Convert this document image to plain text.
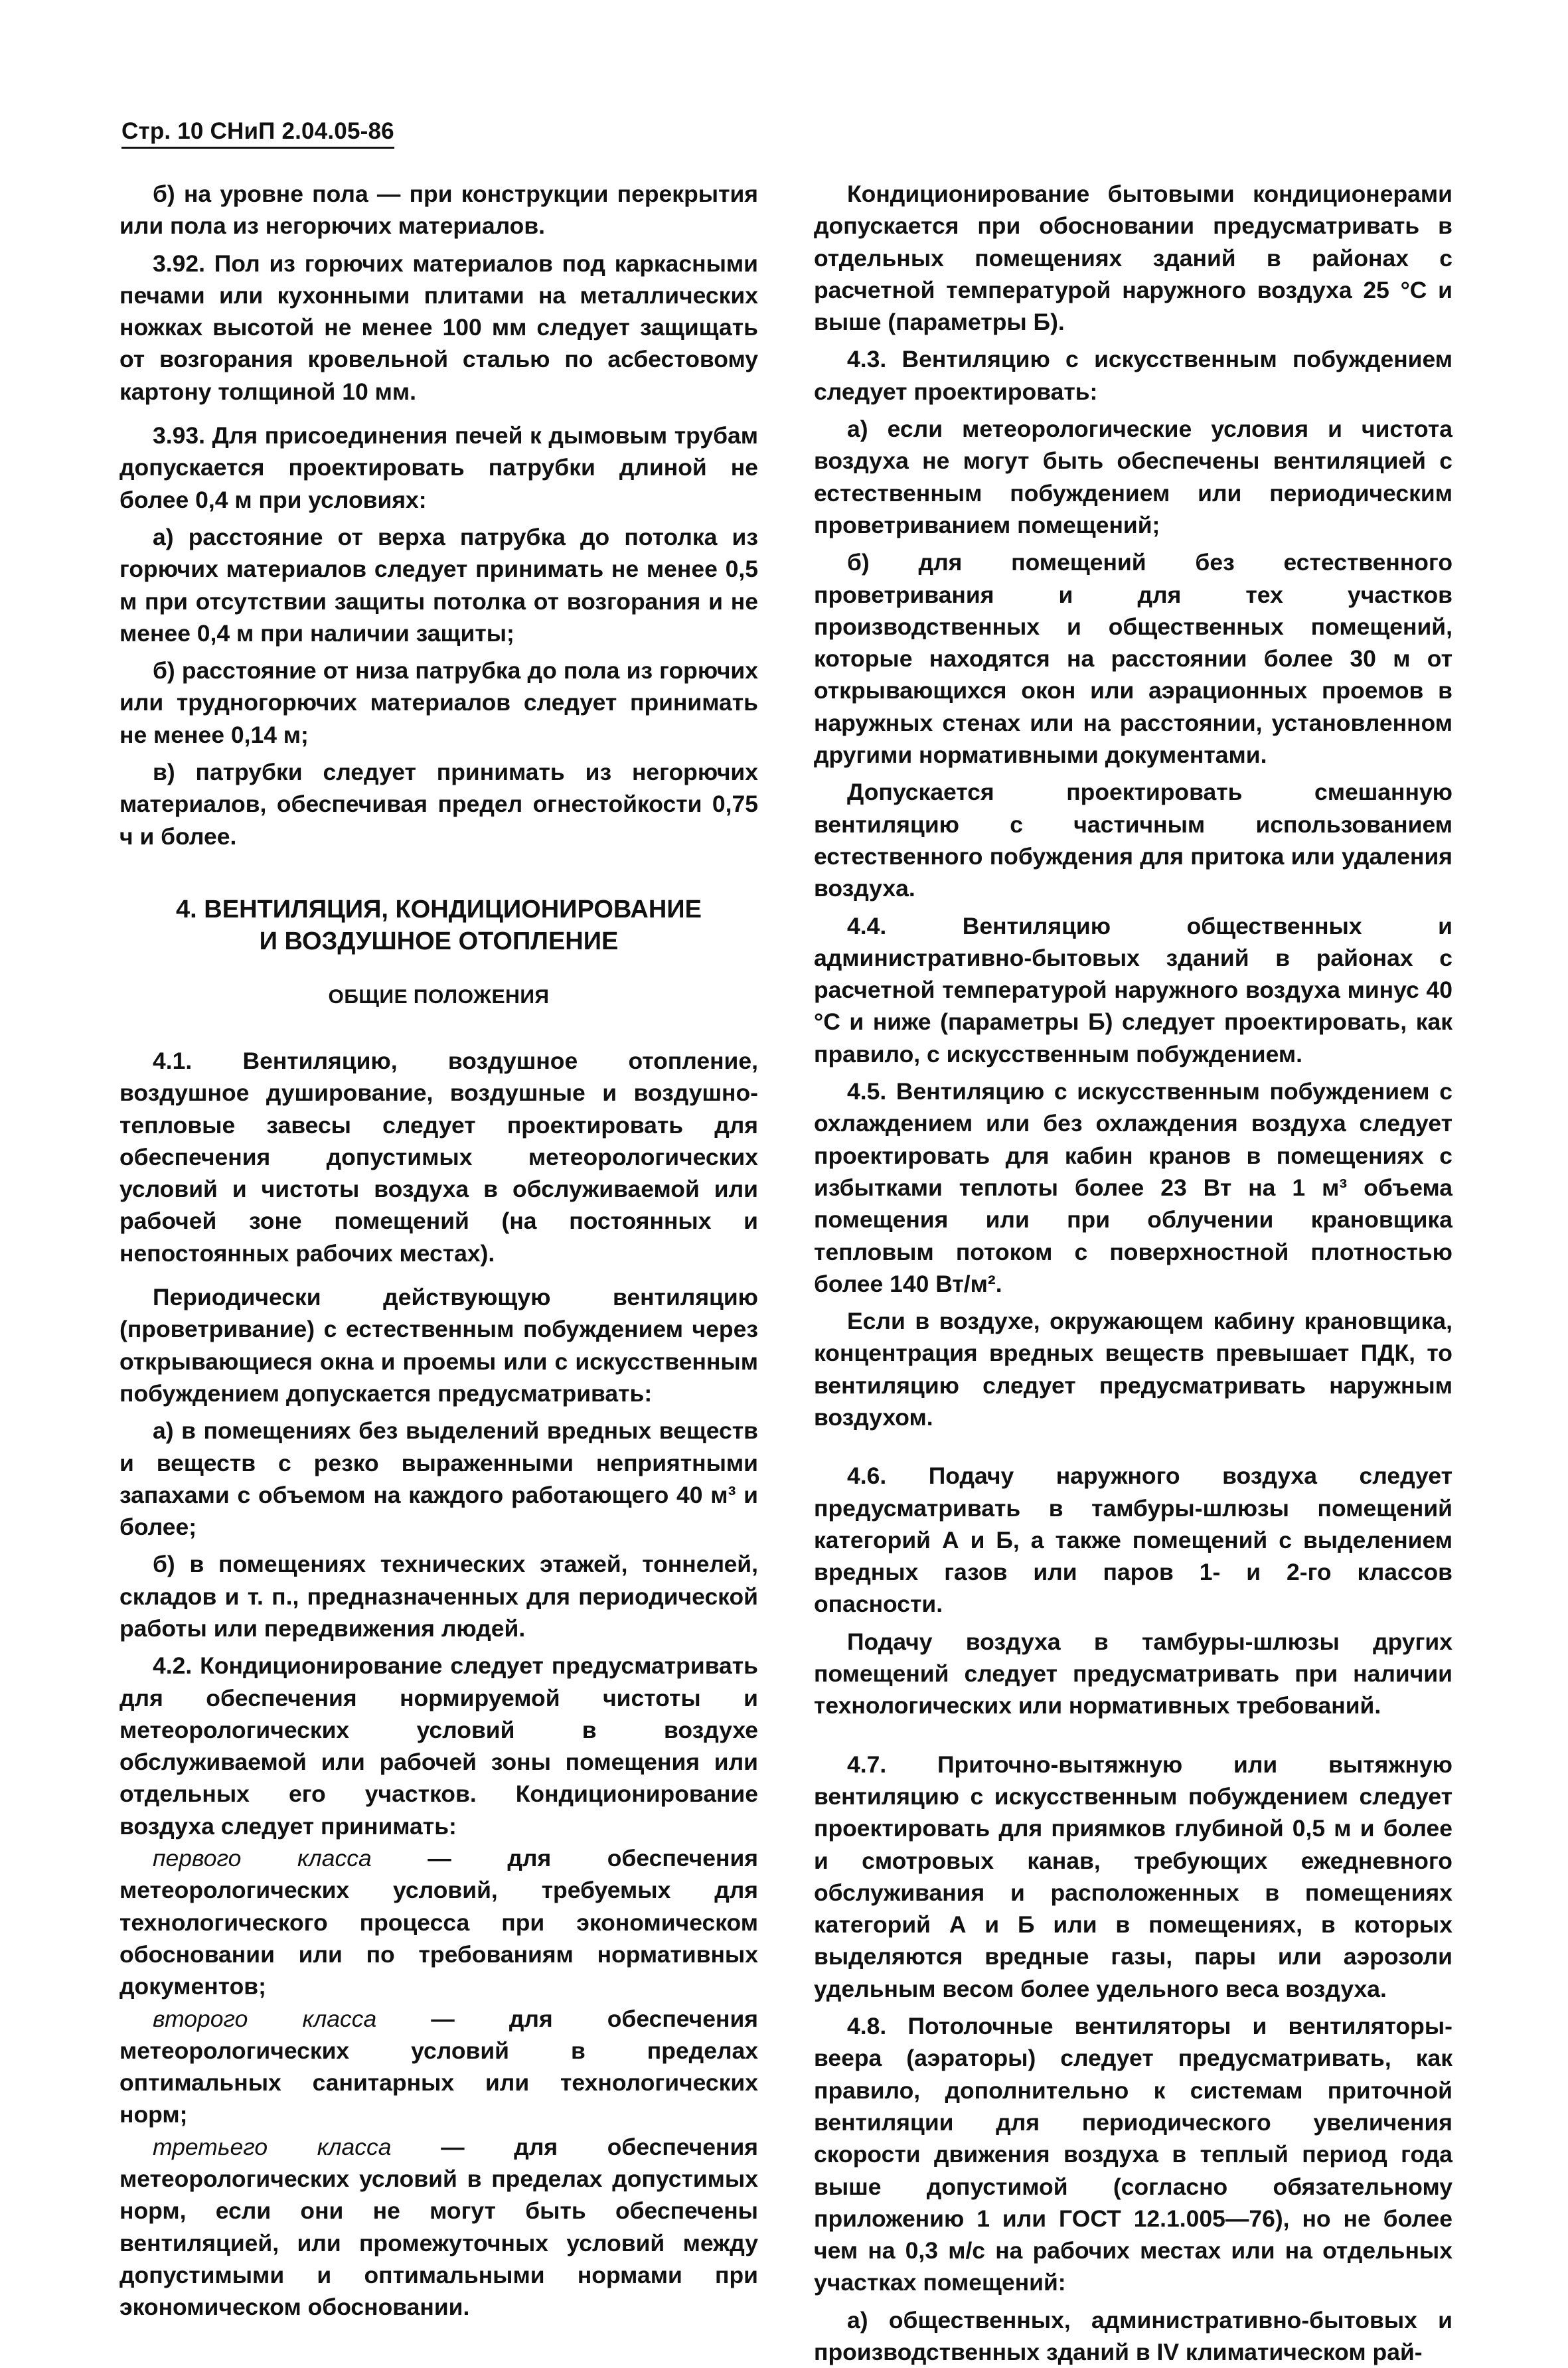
Стр. 10 СНиП 2.04.05-86

б) на уровне пола — при конструкции перекрытия или пола из негорючих материалов.

3.92. Пол из горючих материалов под каркасными печами или кухонными плитами на металлических ножках высотой не менее 100 мм следует защищать от возгорания кровельной сталью по асбестовому картону толщиной 10 мм.

3.93. Для присоединения печей к дымовым трубам допускается проектировать патрубки длиной не более 0,4 м при условиях:

а) расстояние от верха патрубка до потолка из горючих материалов следует принимать не менее 0,5 м при отсутствии защиты потолка от возгорания и не менее 0,4 м при наличии защиты;

б) расстояние от низа патрубка до пола из горючих или трудногорючих материалов следует принимать не менее 0,14 м;

в) патрубки следует принимать из негорючих материалов, обеспечивая предел огнестойкости 0,75 ч и более.

4. ВЕНТИЛЯЦИЯ, КОНДИЦИОНИРОВАНИЕ
И ВОЗДУШНОЕ ОТОПЛЕНИЕ
ОБЩИЕ ПОЛОЖЕНИЯ

4.1. Вентиляцию, воздушное отопление, воздушное душирование, воздушные и воздушно-тепловые завесы следует проектировать для обеспечения допустимых метеорологических условий и чистоты воздуха в обслуживаемой или рабочей зоне помещений (на постоянных и непостоянных рабочих местах).

Периодически действующую вентиляцию (проветривание) с естественным побуждением через открывающиеся окна и проемы или с искусственным побуждением допускается предусматривать:

а) в помещениях без выделений вредных веществ и веществ с резко выраженными неприятными запахами с объемом на каждого работающего 40 м³ и более;

б) в помещениях технических этажей, тоннелей, складов и т. п., предназначенных для периодической работы или передвижения людей.

4.2. Кондиционирование следует предусматривать для обеспечения нормируемой чистоты и метеорологических условий в воздухе обслуживаемой или рабочей зоны помещения или отдельных его участков. Кондиционирование воздуха следует принимать:

первого класса — для обеспечения метеорологических условий, требуемых для технологического процесса при экономическом обосновании или по требованиям нормативных документов;

второго класса — для обеспечения метеорологических условий в пределах оптимальных санитарных или технологических норм;

третьего класса — для обеспечения метеорологических условий в пределах допустимых норм, если они не могут быть обеспечены вентиляцией, или промежуточных условий между допустимыми и оптимальными нормами при экономическом обосновании.

Кондиционирование бытовыми кондиционерами допускается при обосновании предусматривать в отдельных помещениях зданий в районах с расчетной температурой наружного воздуха 25 °С и выше (параметры Б).

4.3. Вентиляцию с искусственным побуждением следует проектировать:

а) если метеорологические условия и чистота воздуха не могут быть обеспечены вентиляцией с естественным побуждением или периодическим проветриванием помещений;

б) для помещений без естественного проветривания и для тех участков производственных и общественных помещений, которые находятся на расстоянии более 30 м от открывающихся окон или аэрационных проемов в наружных стенах или на расстоянии, установленном другими нормативными документами.

Допускается проектировать смешанную вентиляцию с частичным использованием естественного побуждения для притока или удаления воздуха.

4.4. Вентиляцию общественных и административно-бытовых зданий в районах с расчетной температурой наружного воздуха минус 40 °С и ниже (параметры Б) следует проектировать, как правило, с искусственным побуждением.

4.5. Вентиляцию с искусственным побуждением с охлаждением или без охлаждения воздуха следует проектировать для кабин кранов в помещениях с избытками теплоты более 23 Вт на 1 м³ объема помещения или при облучении крановщика тепловым потоком с поверхностной плотностью более 140 Вт/м².

Если в воздухе, окружающем кабину крановщика, концентрация вредных веществ превышает ПДК, то вентиляцию следует предусматривать наружным воздухом.

4.6. Подачу наружного воздуха следует предусматривать в тамбуры-шлюзы помещений категорий А и Б, а также помещений с выделением вредных газов или паров 1- и 2-го классов опасности.

Подачу воздуха в тамбуры-шлюзы других помещений следует предусматривать при наличии технологических или нормативных требований.

4.7. Приточно-вытяжную или вытяжную вентиляцию с искусственным побуждением следует проектировать для приямков глубиной 0,5 м и более и смотровых канав, требующих ежедневного обслуживания и расположенных в помещениях категорий А и Б или в помещениях, в которых выделяются вредные газы, пары или аэрозоли удельным весом более удельного веса воздуха.

4.8. Потолочные вентиляторы и вентиляторы-веера (аэраторы) следует предусматривать, как правило, дополнительно к системам приточной вентиляции для периодического увеличения скорости движения воздуха в теплый период года выше допустимой (согласно обязательному приложению 1 или ГОСТ 12.1.005—76), но не более чем на 0,3 м/с на рабочих местах или на отдельных участках помещений:

а) общественных, административно-бытовых и производственных зданий в IV климатическом рай-
